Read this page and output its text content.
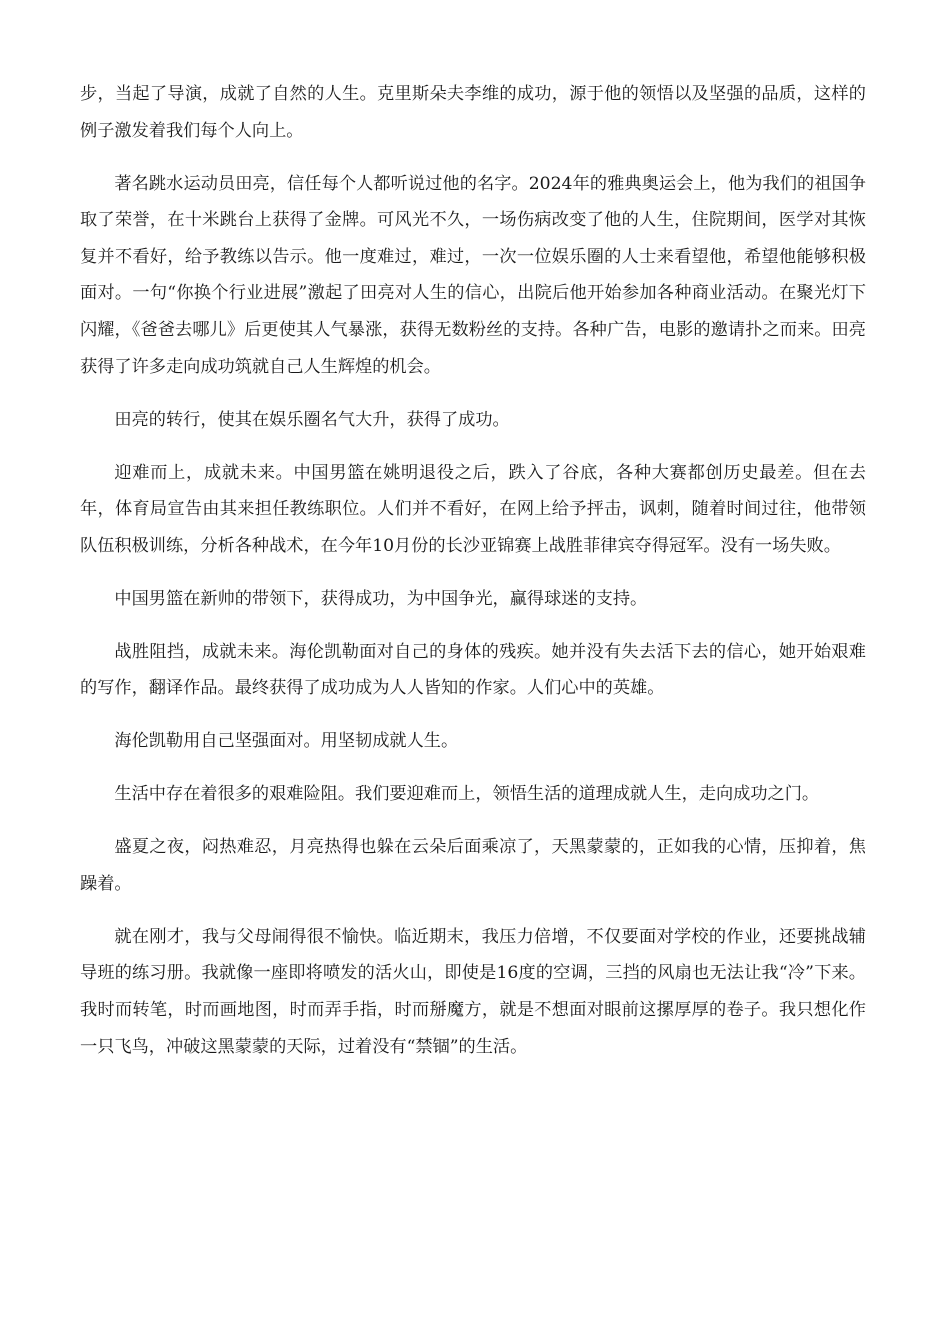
步，当起了导演，成就了自然的人生。克里斯朵夫李维的成功，源于他的领悟以及坚强的品质，这样的例子激发着我们每个人向上。

著名跳水运动员田亮，信任每个人都听说过他的名字。2024年的雅典奥运会上，他为我们的祖国争取了荣誉，在十米跳台上获得了金牌。可风光不久，一场伤病改变了他的人生，住院期间，医学对其恢复并不看好，给予教练以告示。他一度难过，难过，一次一位娱乐圈的人士来看望他，希望他能够积极面对。一句“你换个行业进展”激起了田亮对人生的信心，出院后他开始参加各种商业活动。在聚光灯下闪耀，《爸爸去哪儿》后更使其人气暴涨，获得无数粉丝的支持。各种广告，电影的邀请扑之而来。田亮获得了许多走向成功筑就自己人生辉煌的机会。

田亮的转行，使其在娱乐圈名气大升，获得了成功。

迎难而上，成就未来。中国男篮在姚明退役之后，跌入了谷底，各种大赛都创历史最差。但在去年，体育局宣告由其来担任教练职位。人们并不看好，在网上给予抨击，讽刺，随着时间过往，他带领队伍积极训练，分析各种战术，在今年10月份的长沙亚锦赛上战胜菲律宾夺得冠军。没有一场失败。

中国男篮在新帅的带领下，获得成功，为中国争光，赢得球迷的支持。

战胜阻挡，成就未来。海伦凯勒面对自己的身体的残疾。她并没有失去活下去的信心，她开始艰难的写作，翻译作品。最终获得了成功成为人人皆知的作家。人们心中的英雄。

海伦凯勒用自己坚强面对。用坚韧成就人生。

生活中存在着很多的艰难险阻。我们要迎难而上，领悟生活的道理成就人生，走向成功之门。

盛夏之夜，闷热难忍，月亮热得也躲在云朵后面乘凉了，天黑蒙蒙的，正如我的心情，压抑着，焦躁着。

就在刚才，我与父母闹得很不愉快。临近期末，我压力倍增，不仅要面对学校的作业，还要挑战辅导班的练习册。我就像一座即将喷发的活火山，即使是16度的空调，三挡的风扇也无法让我“冷”下来。我时而转笔，时而画地图，时而弄手指，时而掰魔方，就是不想面对眼前这摞厚厚的卷子。我只想化作一只飞鸟，冲破这黑蒙蒙的天际，过着没有“禁锢”的生活。
